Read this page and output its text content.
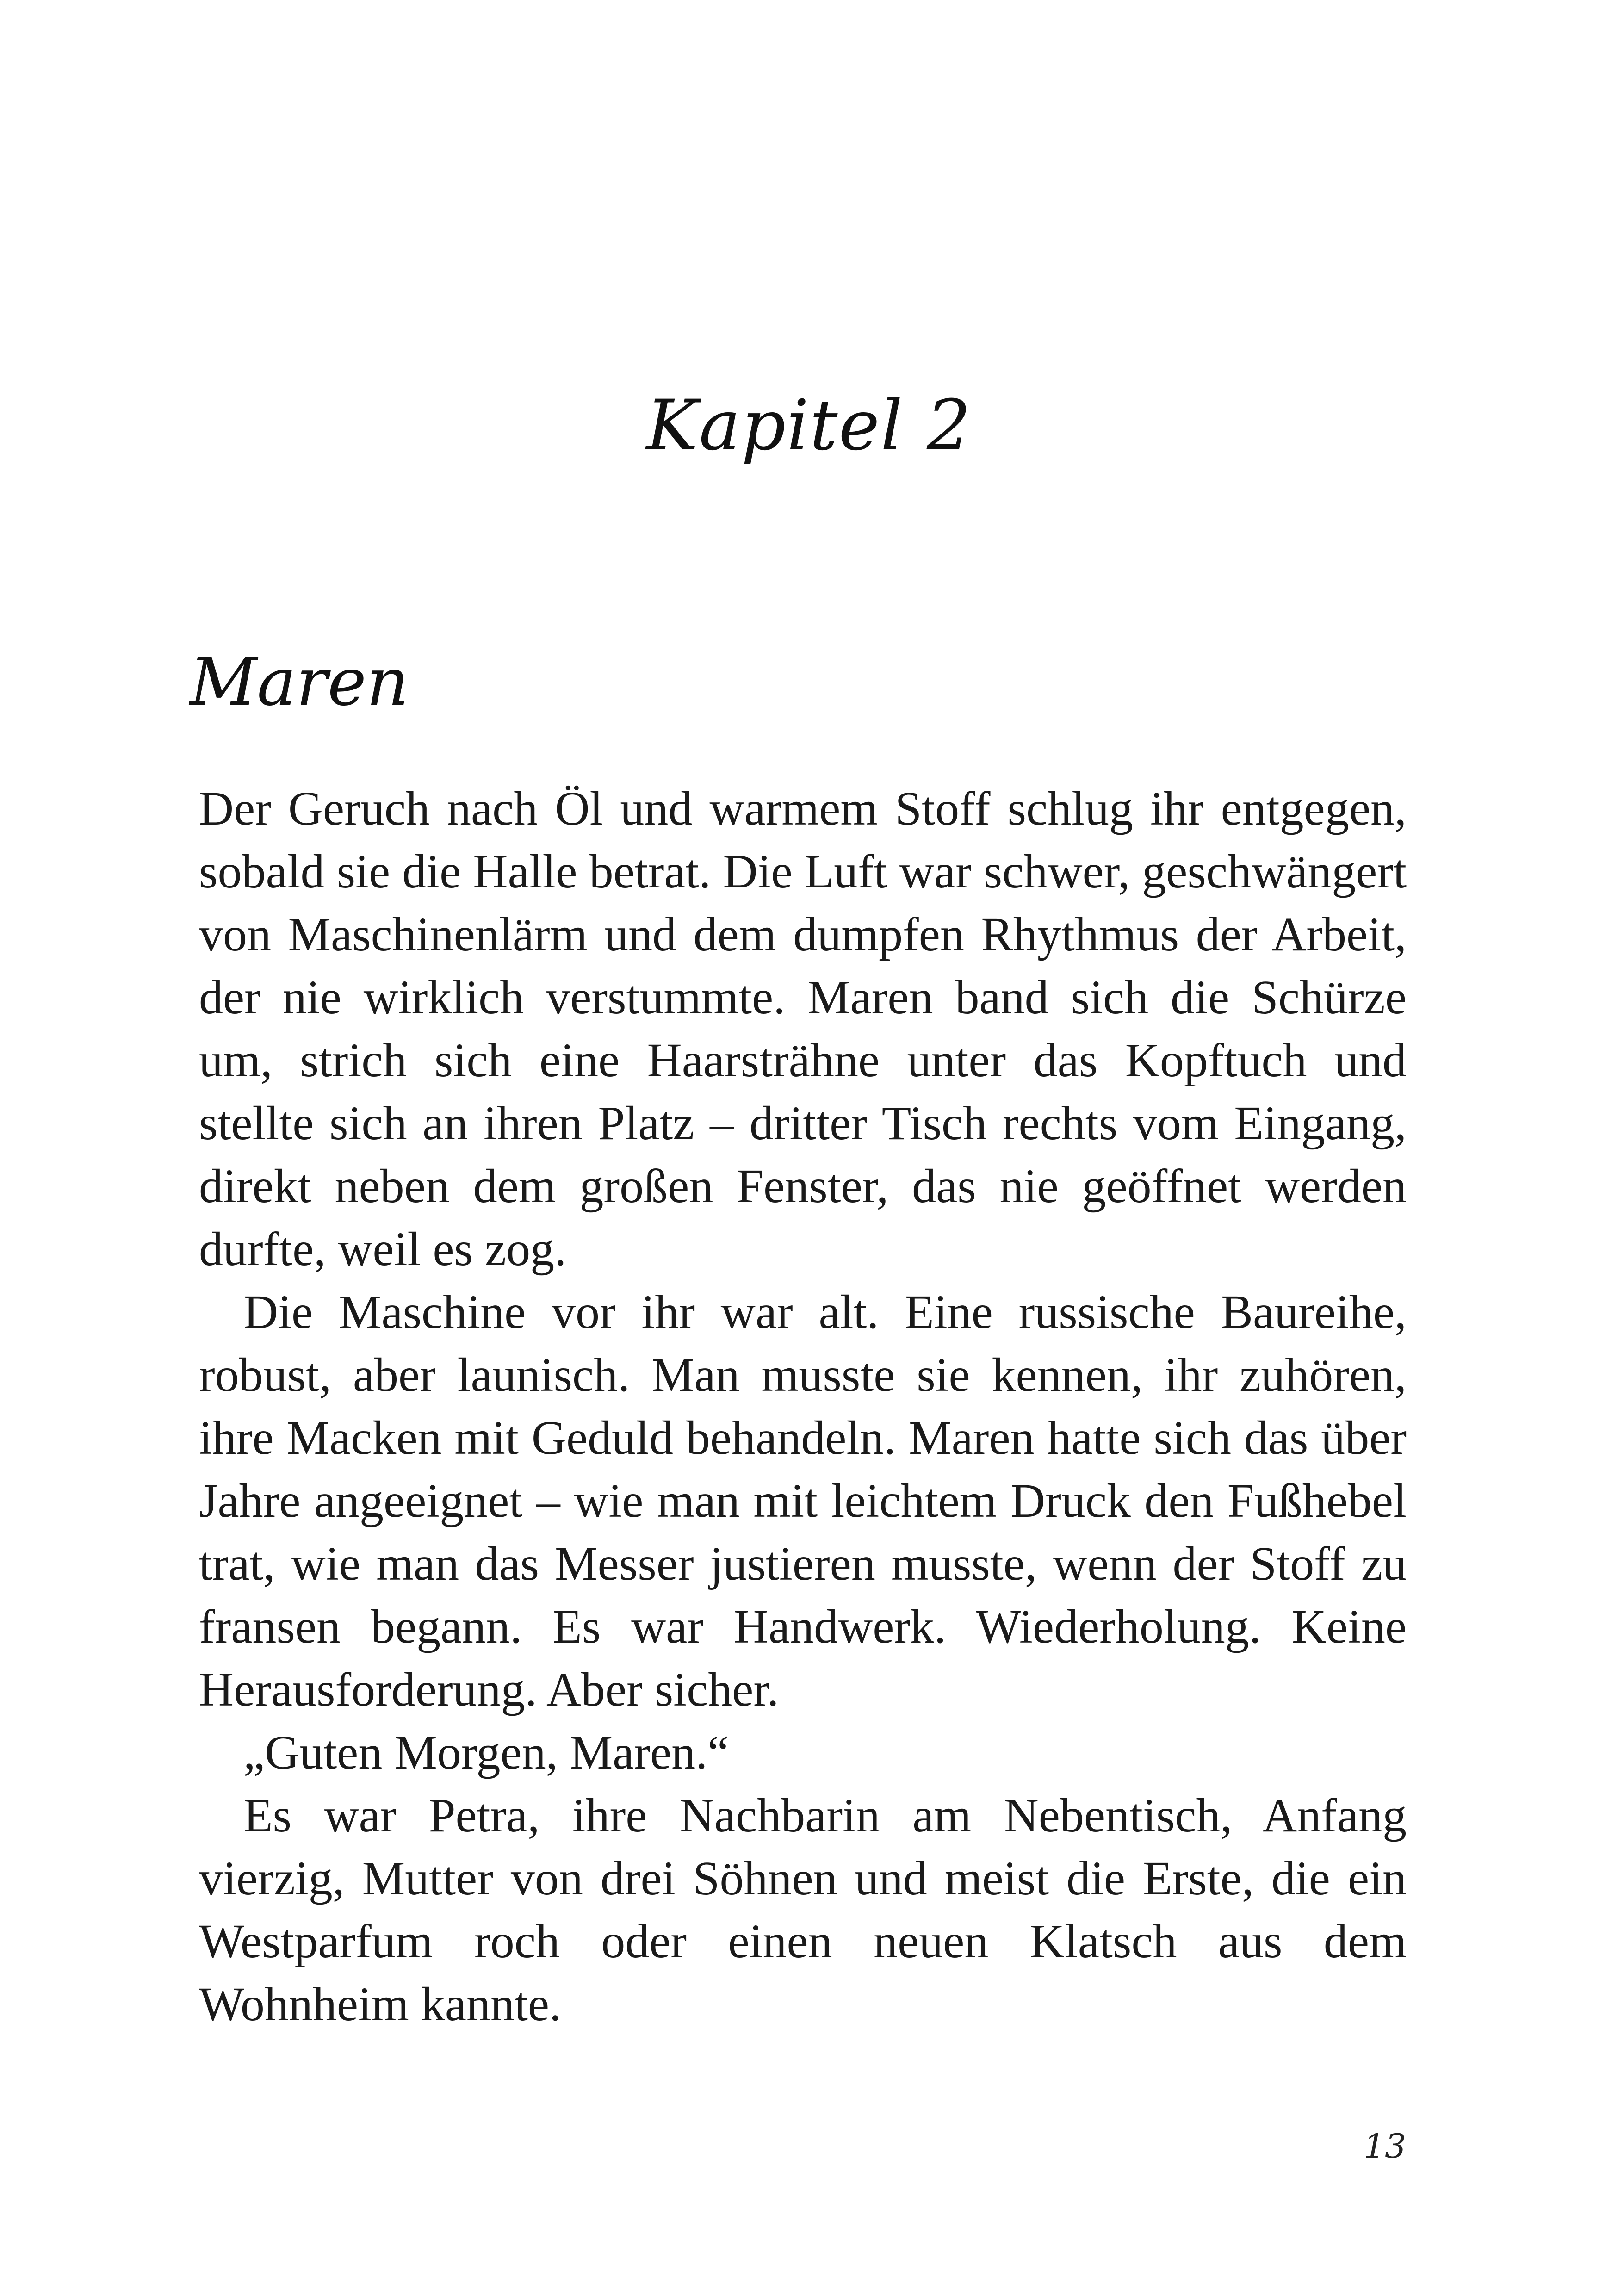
Kapitel 2
Maren

Der Geruch nach Öl und warmem Stoff schlug ihr entgegen, sobald sie die Halle betrat. Die Luft war schwer, geschwängert von Maschinenlärm und dem dumpfen Rhythmus der Arbeit, der nie wirklich verstummte. Maren band sich die Schürze um, strich sich eine Haarsträhne unter das Kopftuch und stellte sich an ihren Platz – dritter Tisch rechts vom Eingang, direkt neben dem großen Fenster, das nie geöffnet werden durfte, weil es zog.

Die Maschine vor ihr war alt. Eine russische Baureihe, robust, aber launisch. Man musste sie kennen, ihr zuhören, ihre Macken mit Geduld behandeln. Maren hatte sich das über Jahre angeeignet – wie man mit leichtem Druck den Fußhebel trat, wie man das Messer justieren musste, wenn der Stoff zu fransen begann. Es war Handwerk. Wiederholung. Keine Herausforderung. Aber sicher.

„Guten Morgen, Maren.“

Es war Petra, ihre Nachbarin am Nebentisch, Anfang vierzig, Mutter von drei Söhnen und meist die Erste, die ein Westparfum roch oder einen neuen Klatsch aus dem Wohnheim kannte.

13
